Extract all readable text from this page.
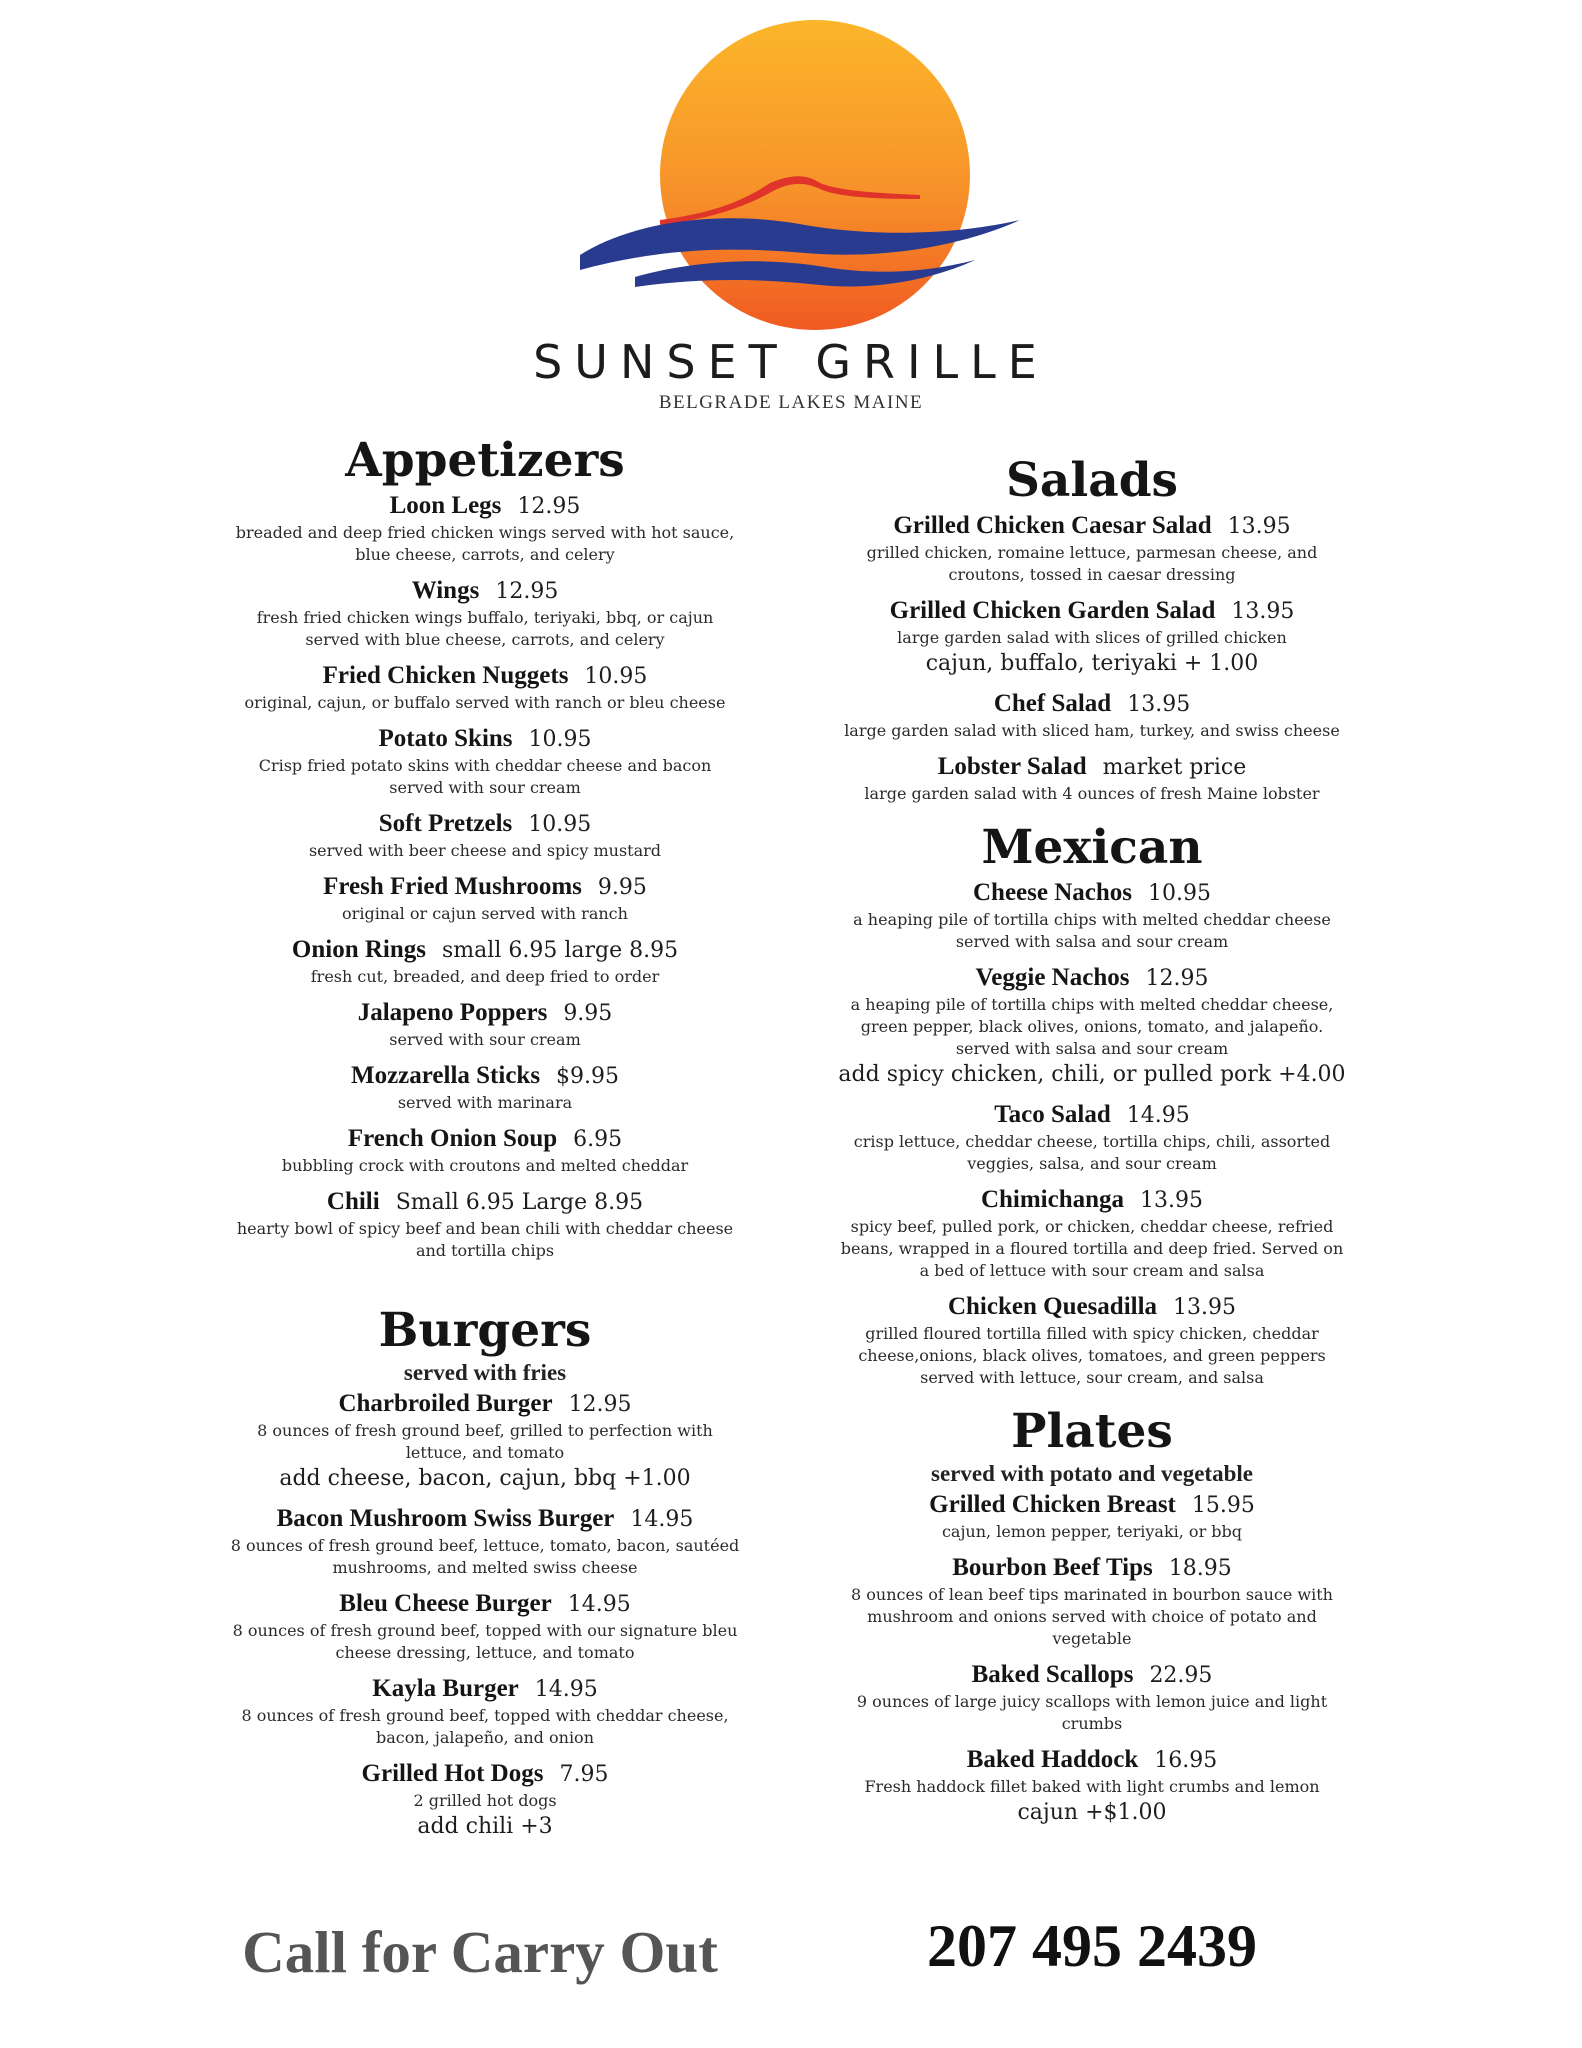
SUNSET GRILLE
BELGRADE LAKES MAINE
Appetizers
Loon Legs 12.95
breaded and deep fried chicken wings served with hot sauce,
blue cheese, carrots, and celery
Wings 12.95
fresh fried chicken wings buffalo, teriyaki, bbq, or cajun
served with blue cheese, carrots, and celery
Fried Chicken Nuggets 10.95
original, cajun, or buffalo served with ranch or bleu cheese
Potato Skins 10.95
Crisp fried potato skins with cheddar cheese and bacon
served with sour cream
Soft Pretzels 10.95
served with beer cheese and spicy mustard
Fresh Fried Mushrooms 9.95
original or cajun served with ranch
Onion Rings small 6.95 large 8.95
fresh cut, breaded, and deep fried to order
Jalapeno Poppers 9.95
served with sour cream
Mozzarella Sticks $9.95
served with marinara
French Onion Soup 6.95
bubbling crock with croutons and melted cheddar
Chili Small 6.95 Large 8.95
hearty bowl of spicy beef and bean chili with cheddar cheese
and tortilla chips
Burgers
served with fries
Charbroiled Burger 12.95
8 ounces of fresh ground beef, grilled to perfection with
lettuce, and tomato
add cheese, bacon, cajun, bbq +1.00
Bacon Mushroom Swiss Burger 14.95
8 ounces of fresh ground beef, lettuce, tomato, bacon, sautéed
mushrooms, and melted swiss cheese
Bleu Cheese Burger 14.95
8 ounces of fresh ground beef, topped with our signature bleu
cheese dressing, lettuce, and tomato
Kayla Burger 14.95
8 ounces of fresh ground beef, topped with cheddar cheese,
bacon, jalapeño, and onion
Grilled Hot Dogs 7.95
2 grilled hot dogs
add chili +3
Salads
Grilled Chicken Caesar Salad 13.95
grilled chicken, romaine lettuce, parmesan cheese, and
croutons, tossed in caesar dressing
Grilled Chicken Garden Salad 13.95
large garden salad with slices of grilled chicken
cajun, buffalo, teriyaki + 1.00
Chef Salad 13.95
large garden salad with sliced ham, turkey, and swiss cheese
Lobster Salad market price
large garden salad with 4 ounces of fresh Maine lobster
Mexican
Cheese Nachos 10.95
a heaping pile of tortilla chips with melted cheddar cheese
served with salsa and sour cream
Veggie Nachos 12.95
a heaping pile of tortilla chips with melted cheddar cheese,
green pepper, black olives, onions, tomato, and jalapeño.
served with salsa and sour cream
add spicy chicken, chili, or pulled pork +4.00
Taco Salad 14.95
crisp lettuce, cheddar cheese, tortilla chips, chili, assorted
veggies, salsa, and sour cream
Chimichanga 13.95
spicy beef, pulled pork, or chicken, cheddar cheese, refried
beans, wrapped in a floured tortilla and deep fried. Served on
a bed of lettuce with sour cream and salsa
Chicken Quesadilla 13.95
grilled floured tortilla filled with spicy chicken, cheddar
cheese,onions, black olives, tomatoes, and green peppers
served with lettuce, sour cream, and salsa
Plates
served with potato and vegetable
Grilled Chicken Breast 15.95
cajun, lemon pepper, teriyaki, or bbq
Bourbon Beef Tips 18.95
8 ounces of lean beef tips marinated in bourbon sauce with
mushroom and onions served with choice of potato and
vegetable
Baked Scallops 22.95
9 ounces of large juicy scallops with lemon juice and light
crumbs
Baked Haddock 16.95
Fresh haddock fillet baked with light crumbs and lemon
cajun +$1.00
Call for Carry Out	207 495 2439
